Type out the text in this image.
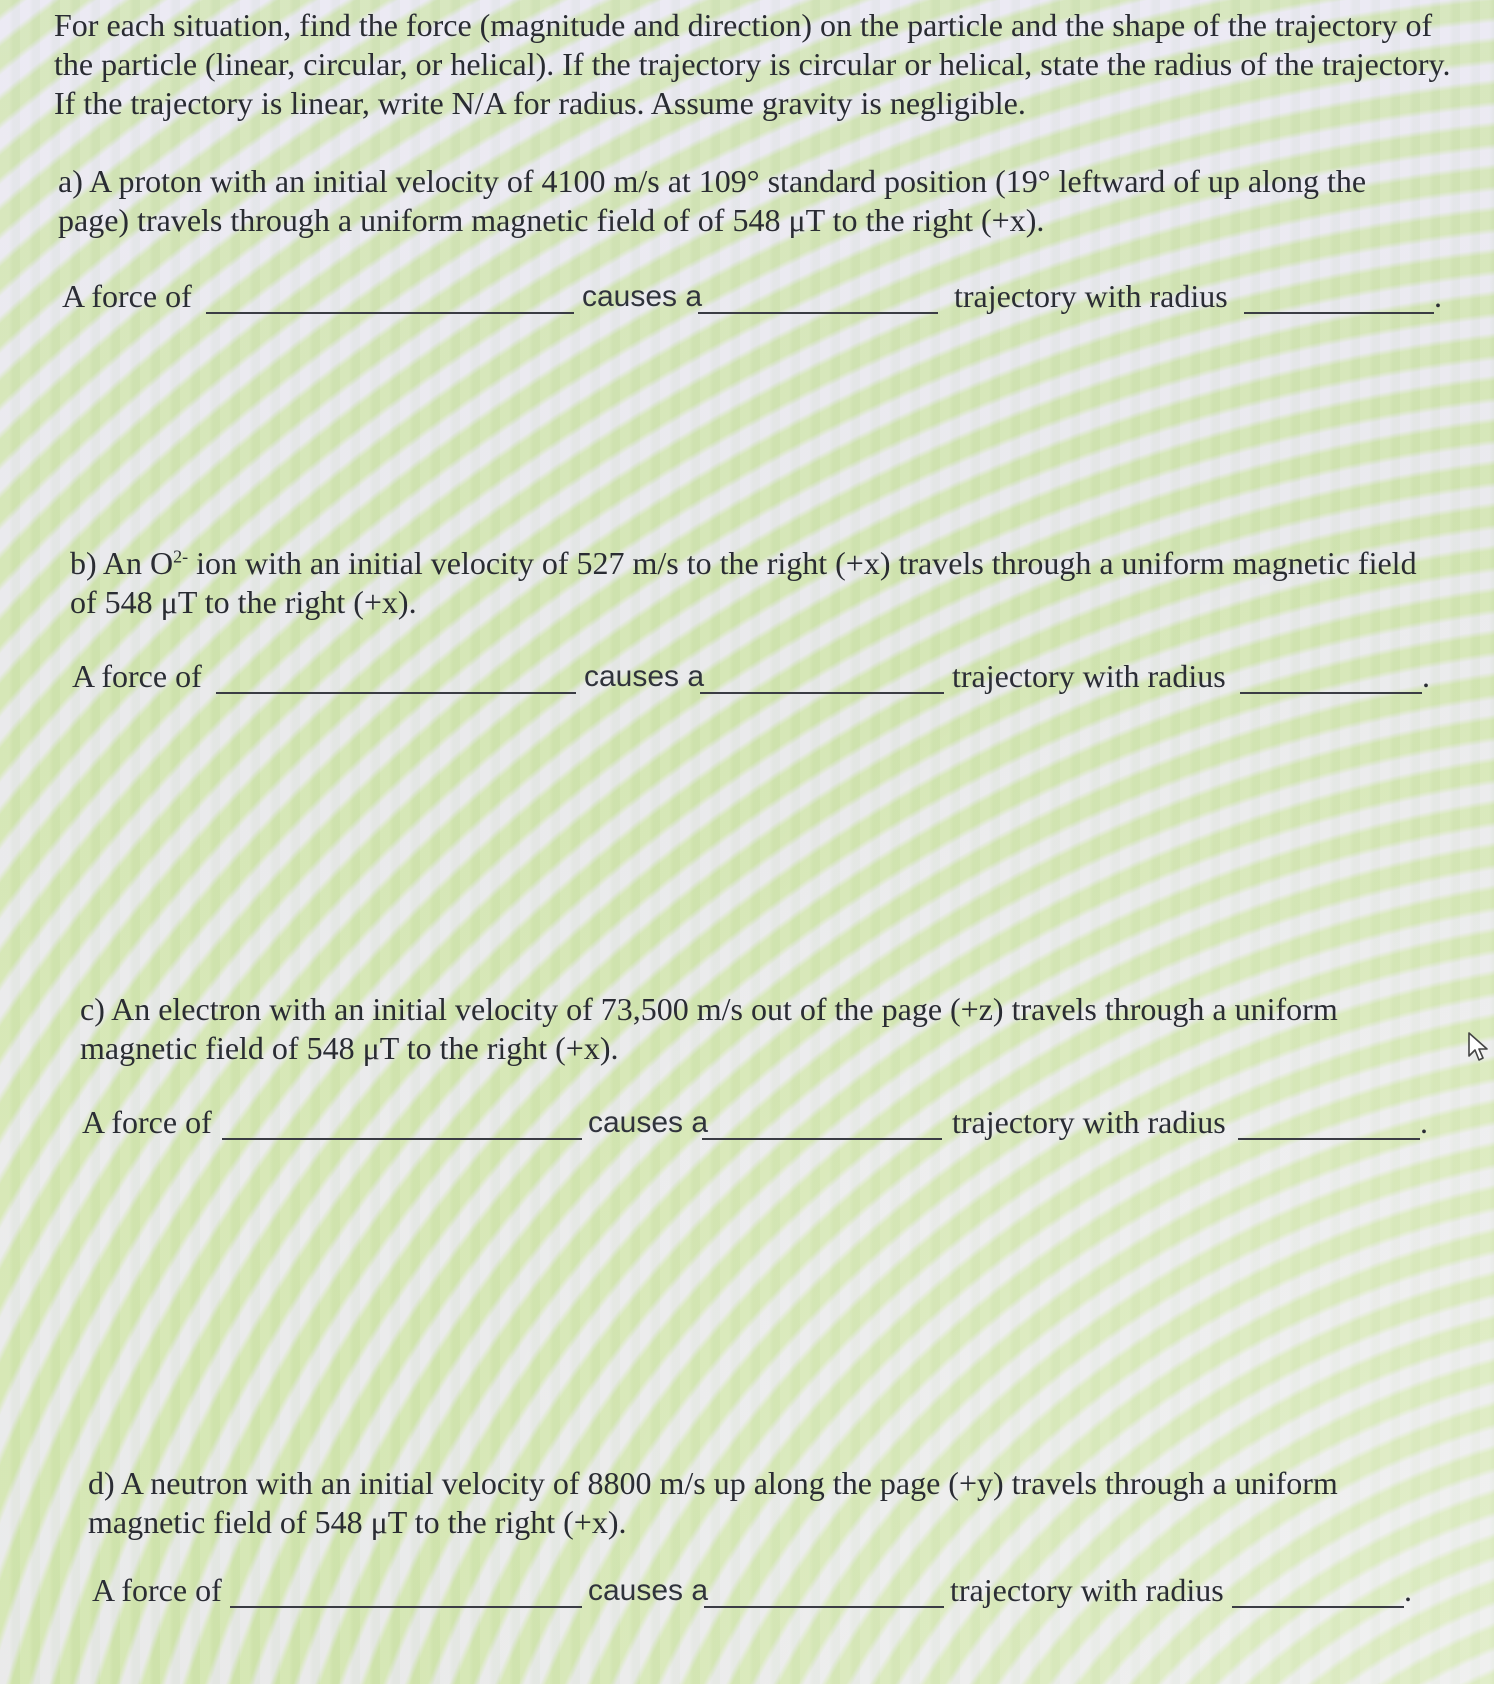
For each situation, find the force (magnitude and direction) on the particle and the shape of the trajectory of the particle (linear, circular, or helical). If the trajectory is circular or helical, state the radius of the trajectory. If the trajectory is linear, write N/A for radius. Assume gravity is negligible.

a) A proton with an initial velocity of 4100 m/s at 109° standard position (19° leftward of up along the page) travels through a uniform magnetic field of of 548 μT to the right (+x).

A force of	causes a	trajectory with radius	.

b) An $O^{2-}$ ion with an initial velocity of 527 m/s to the right (+x) travels through a uniform magnetic field of 548 μT to the right (+x).

A force of	causes a	trajectory with radius	.

c) An electron with an initial velocity of 73,500 m/s out of the page (+z) travels through a uniform magnetic field of 548 μT to the right (+x).

A force of	causes a	trajectory with radius	.

d) A neutron with an initial velocity of 8800 m/s up along the page (+y) travels through a uniform magnetic field of 548 μT to the right (+x).

A force of	causes a	trajectory with radius	.
